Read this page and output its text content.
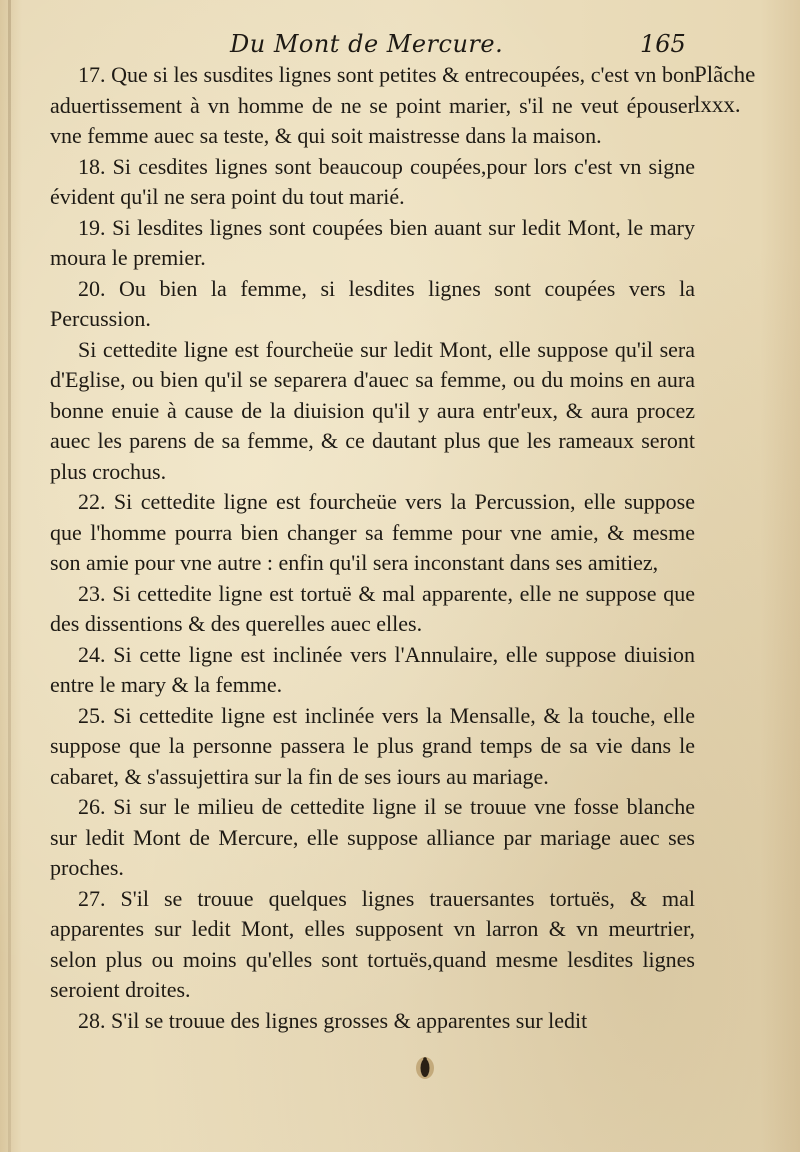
Du Mont de Mercure.	165
Plãche
lxxx.

17. Que si les susdites lignes sont petites & entrecoupées, c'est vn bon aduertissement à vn homme de ne se point marier, s'il ne veut épouser vne femme auec sa teste, & qui soit maistresse dans la maison.

18. Si cesdites lignes sont beaucoup coupées,pour lors c'est vn signe évident qu'il ne sera point du tout marié.

19. Si lesdites lignes sont coupées bien auant sur ledit Mont, le mary moura le premier.

20. Ou bien la femme, si lesdites lignes sont coupées vers la Percussion.

Si cettedite ligne est fourcheüe sur ledit Mont, elle suppose qu'il sera d'Eglise, ou bien qu'il se separera d'auec sa femme, ou du moins en aura bonne enuie à cause de la diuision qu'il y aura entr'eux, & aura procez auec les parens de sa femme, & ce dautant plus que les rameaux seront plus crochus.

22. Si cettedite ligne est fourcheüe vers la Percussion, elle suppose que l'homme pourra bien changer sa femme pour vne amie, & mesme son amie pour vne autre : enfin qu'il sera inconstant dans ses amitiez,

23. Si cettedite ligne est tortuë & mal apparente, elle ne suppose que des dissentions & des querelles auec elles.

24. Si cette ligne est inclinée vers l'Annulaire, elle suppose diuision entre le mary & la femme.

25. Si cettedite ligne est inclinée vers la Mensalle, & la touche, elle suppose que la personne passera le plus grand temps de sa vie dans le cabaret, & s'assujettira sur la fin de ses iours au mariage.

26. Si sur le milieu de cettedite ligne il se trouue vne fosse blanche sur ledit Mont de Mercure, elle suppose alliance par mariage auec ses proches.

27. S'il se trouue quelques lignes trauersantes tortuës, & mal apparentes sur ledit Mont, elles supposent vn larron & vn meurtrier, selon plus ou moins qu'elles sont tortuës,quand mesme lesdites lignes seroient droites.

28. S'il se trouue des lignes grosses & apparentes sur ledit
